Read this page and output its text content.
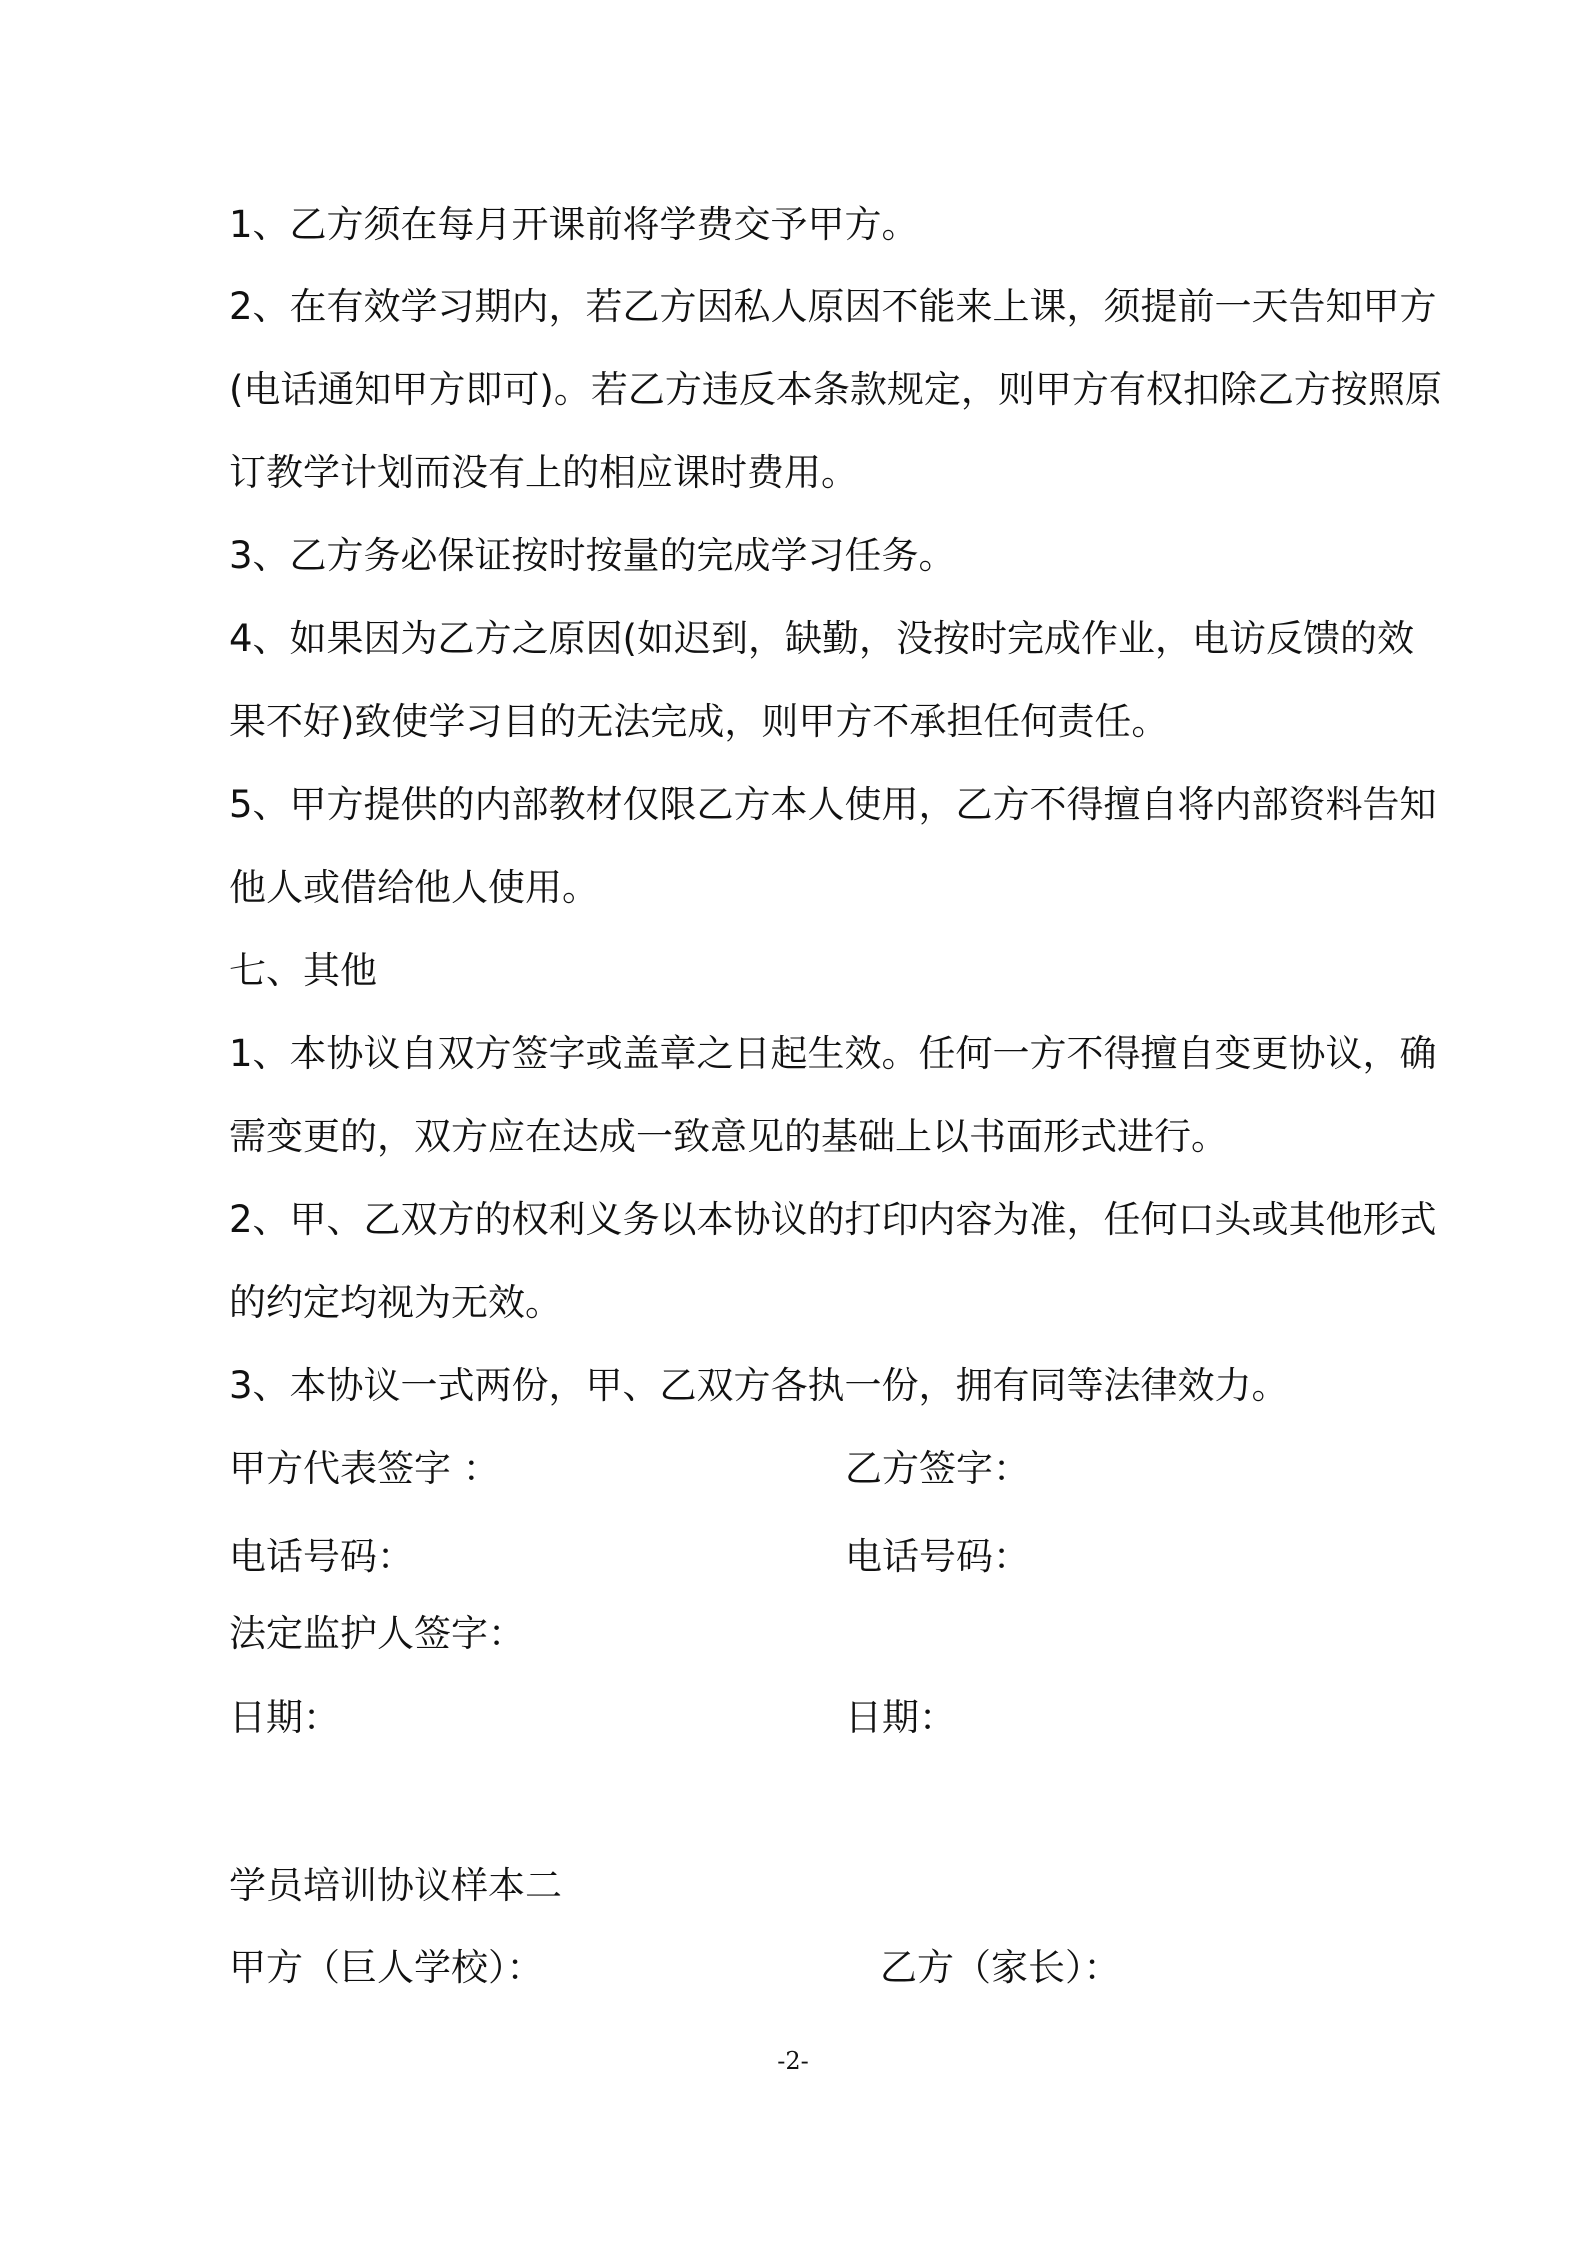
1、乙方须在每月开课前将学费交予甲方。
2、在有效学习期内，若乙方因私人原因不能来上课，须提前一天告知甲方
(电话通知甲方即可)。若乙方违反本条款规定，则甲方有权扣除乙方按照原
订教学计划而没有上的相应课时费用。
3、乙方务必保证按时按量的完成学习任务。
4、如果因为乙方之原因(如迟到，缺勤，没按时完成作业，电访反馈的效
果不好)致使学习目的无法完成，则甲方不承担任何责任。
5、甲方提供的内部教材仅限乙方本人使用，乙方不得擅自将内部资料告知
他人或借给他人使用。
七、其他
1、本协议自双方签字或盖章之日起生效。任何一方不得擅自变更协议，确
需变更的，双方应在达成一致意见的基础上以书面形式进行。
2、甲、乙双方的权利义务以本协议的打印内容为准，任何口头或其他形式
的约定均视为无效。
3、本协议一式两份，甲、乙双方各执一份，拥有同等法律效力。
甲方代表签字 ：	乙方签字：
电话号码：	电话号码：
法定监护人签字：
日期：	日期：
学员培训协议样本二
甲方（巨人学校）：	乙方（家长）：
-2-
